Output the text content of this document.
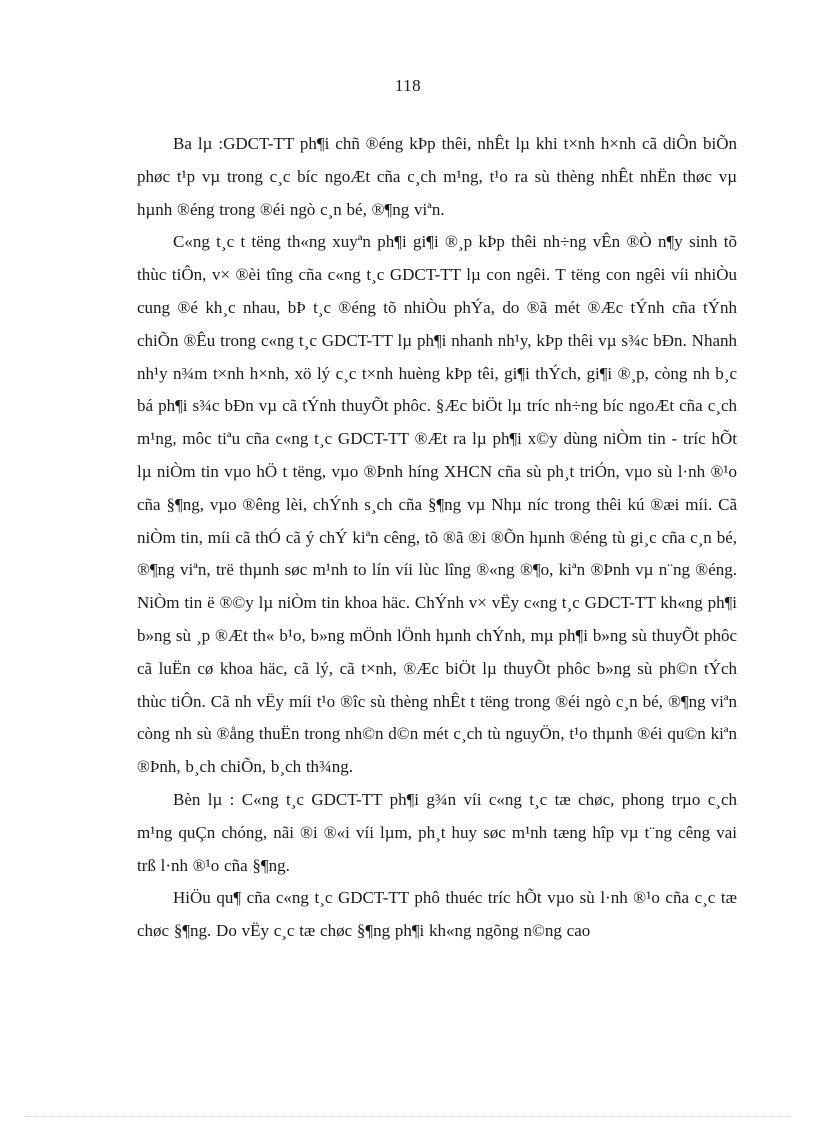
118

Ba lµ :GDCT-TT ph¶i chñ ®éng kÞp thêi, nhÊt lµ khi t×nh h×nh cã diÔn biÕn phøc t¹p vµ trong c¸c bíc ngoÆt cña c¸ch m¹ng, t¹o ra sù thèng nhÊt nhËn thøc vµ hµnh ®éng trong ®éi ngò c¸n bé, ®¶ng viªn.

C«ng t¸c t tëng th«ng xuyªn ph¶i gi¶i ®¸p kÞp thêi nh÷ng vÊn ®Ò n¶y sinh tõ thùc tiÔn, v× ®èi tîng cña c«ng t¸c GDCT-TT lµ con ngêi. T tëng con ngêi víi nhiÒu cung ®é kh¸c nhau, bÞ t¸c ®éng tõ nhiÒu phÝa, do ®ã mét ®Æc tÝnh cña tÝnh chiÕn ®Êu trong c«ng t¸c GDCT-TT lµ ph¶i nhanh nh¹y, kÞp thêi vµ s¾c bÐn. Nhanh nh¹y n¾m t×nh h×nh, xö lý c¸c t×nh huèng kÞp têi, gi¶i thÝch, gi¶i ®¸p, còng nh b¸c bá ph¶i s¾c bÐn vµ cã tÝnh thuyÕt phôc. §Æc biÖt lµ tríc nh÷ng bíc ngoÆt cña c¸ch m¹ng, môc tiªu cña c«ng t¸c GDCT-TT ®Æt ra lµ ph¶i x©y dùng niÒm tin - tríc hÕt lµ niÒm tin vµo hÖ t tëng, vµo ®Þnh híng XHCN cña sù ph¸t triÓn, vµo sù l·nh ®¹o cña §¶ng, vµo ®êng lèi, chÝnh s¸ch cña §¶ng vµ Nhµ níc trong thêi kú ®æi míi. Cã niÒm tin, míi cã thÓ cã ý chÝ kiªn cêng, tõ ®ã ®i ®Õn hµnh ®éng tù gi¸c cña c¸n bé, ®¶ng viªn, trë thµnh søc m¹nh to lín víi lùc lîng ®«ng ®¶o, kiªn ®Þnh vµ n¨ng ®éng. NiÒm tin ë ®©y lµ niÒm tin khoa häc. ChÝnh v× vËy c«ng t¸c GDCT-TT kh«ng ph¶i b»ng sù ¸p ®Æt th« b¹o, b»ng mÖnh lÖnh hµnh chÝnh, mµ ph¶i b»ng sù thuyÕt phôc cã luËn cø khoa häc, cã lý, cã t×nh, ®Æc biÖt lµ thuyÕt phôc b»ng sù ph©n tÝch thùc tiÔn. Cã nh vËy míi t¹o ®îc sù thèng nhÊt t tëng trong ®éi ngò c¸n bé, ®¶ng viªn còng nh sù ®ång thuËn trong nh©n d©n mét c¸ch tù nguyÖn, t¹o thµnh ®éi qu©n kiªn ®Þnh, b¸ch chiÕn, b¸ch th¾ng.

Bèn lµ : C«ng t¸c GDCT-TT ph¶i g¾n víi c«ng t¸c tæ chøc, phong trµo c¸ch m¹ng quÇn chóng, nãi ®i ®«i víi lµm, ph¸t huy søc m¹nh tæng hîp vµ t¨ng cêng vai trß l·nh ®¹o cña §¶ng.

HiÖu qu¶ cña c«ng t¸c GDCT-TT phô thuéc tríc hÕt vµo sù l·nh ®¹o cña c¸c tæ chøc §¶ng. Do vËy c¸c tæ chøc §¶ng ph¶i kh«ng ngõng n©ng cao
